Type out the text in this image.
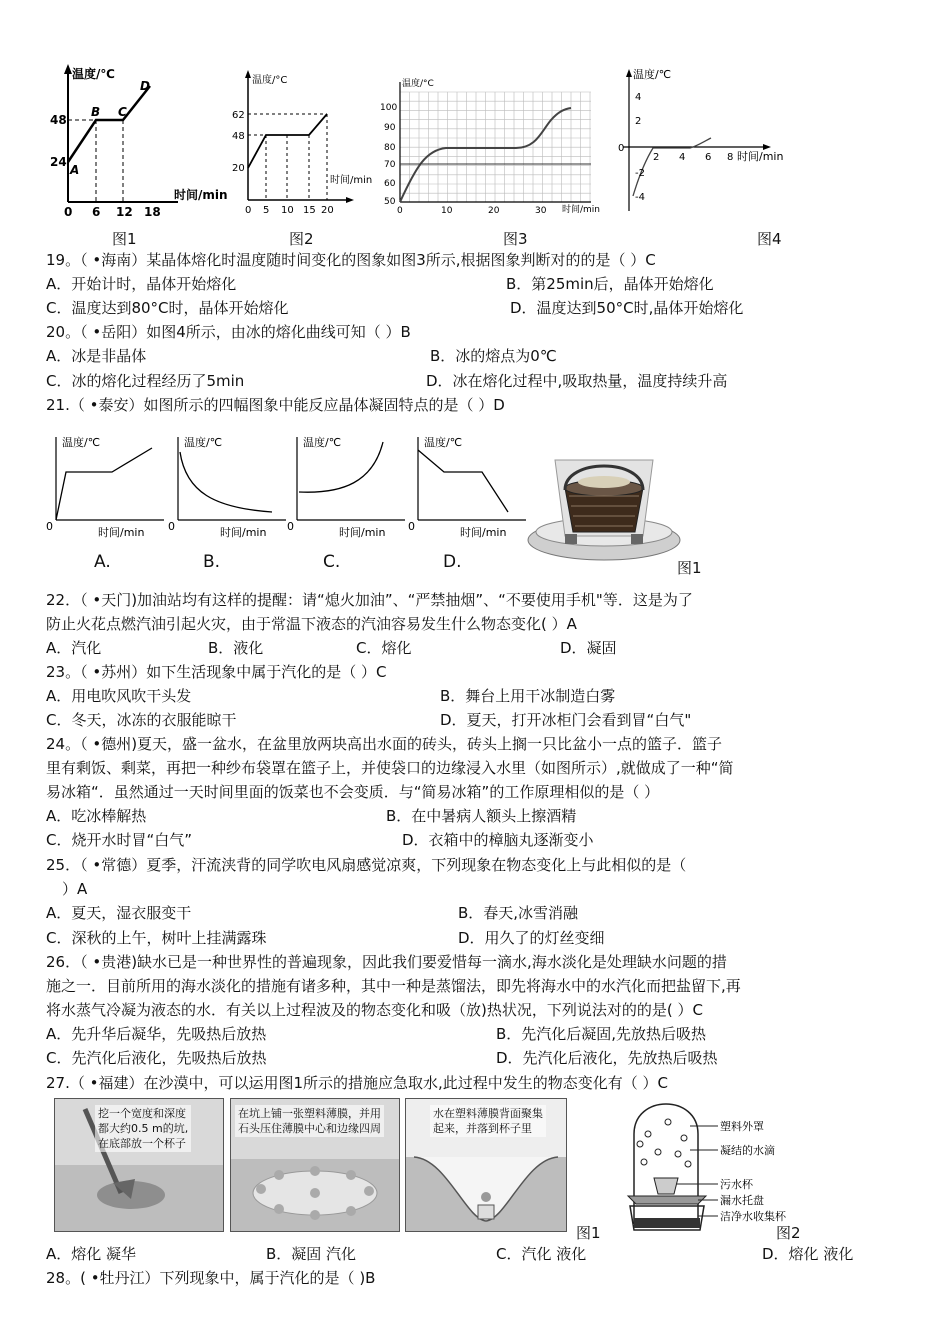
温度/℃
时间/min
A
B C
D
48
24
0 6 12 18
温度/°C
时间/min
62
48
20
0 5 10 15 20
温度/°C
时间/min
100
90
80
70
60
50
0	10	20	30
温度/℃
时间/min
4
2
0
-2
-4
2 4 6 8
图1	图2	图3	图4
19。（ •海南）某晶体熔化时温度随时间变化的图象如图3所示,根据图象判断对的的是（ ）C
A．开始计时，晶体开始熔化	B．第25min后，晶体开始熔化
C．温度达到80°C时，晶体开始熔化	D．温度达到50°C时,晶体开始熔化
20。（ •岳阳）如图4所示，由冰的熔化曲线可知（ ）B
A．冰是非晶体	B．冰的熔点为0℃
C．冰的熔化过程经历了5min	D．冰在熔化过程中,吸取热量，温度持续升高
21.（ •泰安）如图所示的四幅图象中能反应晶体凝固特点的是（ ）D
温度/℃
0	时间/min
温度/℃
0	时间/min
温度/℃
0	时间/min
温度/℃
0	时间/min
A.	B.	C.	D.	图1
22．（ •天门)加油站均有这样的提醒：请“熄火加油”、“严禁抽烟”、“不要使用手机"等．这是为了
防止火花点燃汽油引起火灾，由于常温下液态的汽油容易发生什么物态变化( ）A
A．汽化	B．液化	C．熔化	D．凝固
23。（ •苏州）如下生活现象中属于汽化的是（ ）C
A．用电吹风吹干头发	B．舞台上用干冰制造白雾
C．冬天，冰冻的衣服能晾干	D．夏天，打开冰柜门会看到冒“白气"
24。（ •德州)夏天，盛一盆水，在盆里放两块高出水面的砖头，砖头上搁一只比盆小一点的篮子．篮子
里有剩饭、剩菜，再把一种纱布袋罩在篮子上，并使袋口的边缘浸入水里（如图所示）,就做成了一种“简
易冰箱“．虽然通过一天时间里面的饭菜也不会变质．与“简易冰箱”的工作原理相似的是（ ）
A．吃冰棒解热	B．在中暑病人额头上擦酒精
C．烧开水时冒“白气”	D．衣箱中的樟脑丸逐渐变小
25．（ •常德）夏季，汗流浃背的同学吹电风扇感觉凉爽，下列现象在物态变化上与此相似的是（
）A
A．夏天，湿衣服变干	B．春天,冰雪消融
C．深秋的上午，树叶上挂满露珠	D．用久了的灯丝变细
26．（ •贵港)缺水已是一种世界性的普遍现象，因此我们要爱惜每一滴水,海水淡化是处理缺水问题的措
施之一．目前所用的海水淡化的措施有诸多种，其中一种是蒸馏法，即先将海水中的水汽化而把盐留下,再
将水蒸气冷凝为液态的水．有关以上过程波及的物态变化和吸（放)热状况，下列说法对的的是( ）C
A．先升华后凝华，先吸热后放热	B．先汽化后凝固,先放热后吸热
C．先汽化后液化，先吸热后放热	D．先汽化后液化，先放热后吸热
27.（ •福建）在沙漠中，可以运用图1所示的措施应急取水,此过程中发生的物态变化有（ ）C
挖一个宽度和深度
都大约0.5 m的坑,
在底部放一个杯子
在坑上铺一张塑料薄膜，并用
石头压住薄膜中心和边缘四周
水在塑料薄膜背面聚集
起来，并落到杯子里
图1
塑料外罩
凝结的水滴
污水杯
漏水托盘
洁净水收集杯
图2
A．熔化 凝华	B．凝固 汽化	C．汽化 液化	D．熔化 液化
28。( •牡丹江）下列现象中，属于汽化的是（ )B
